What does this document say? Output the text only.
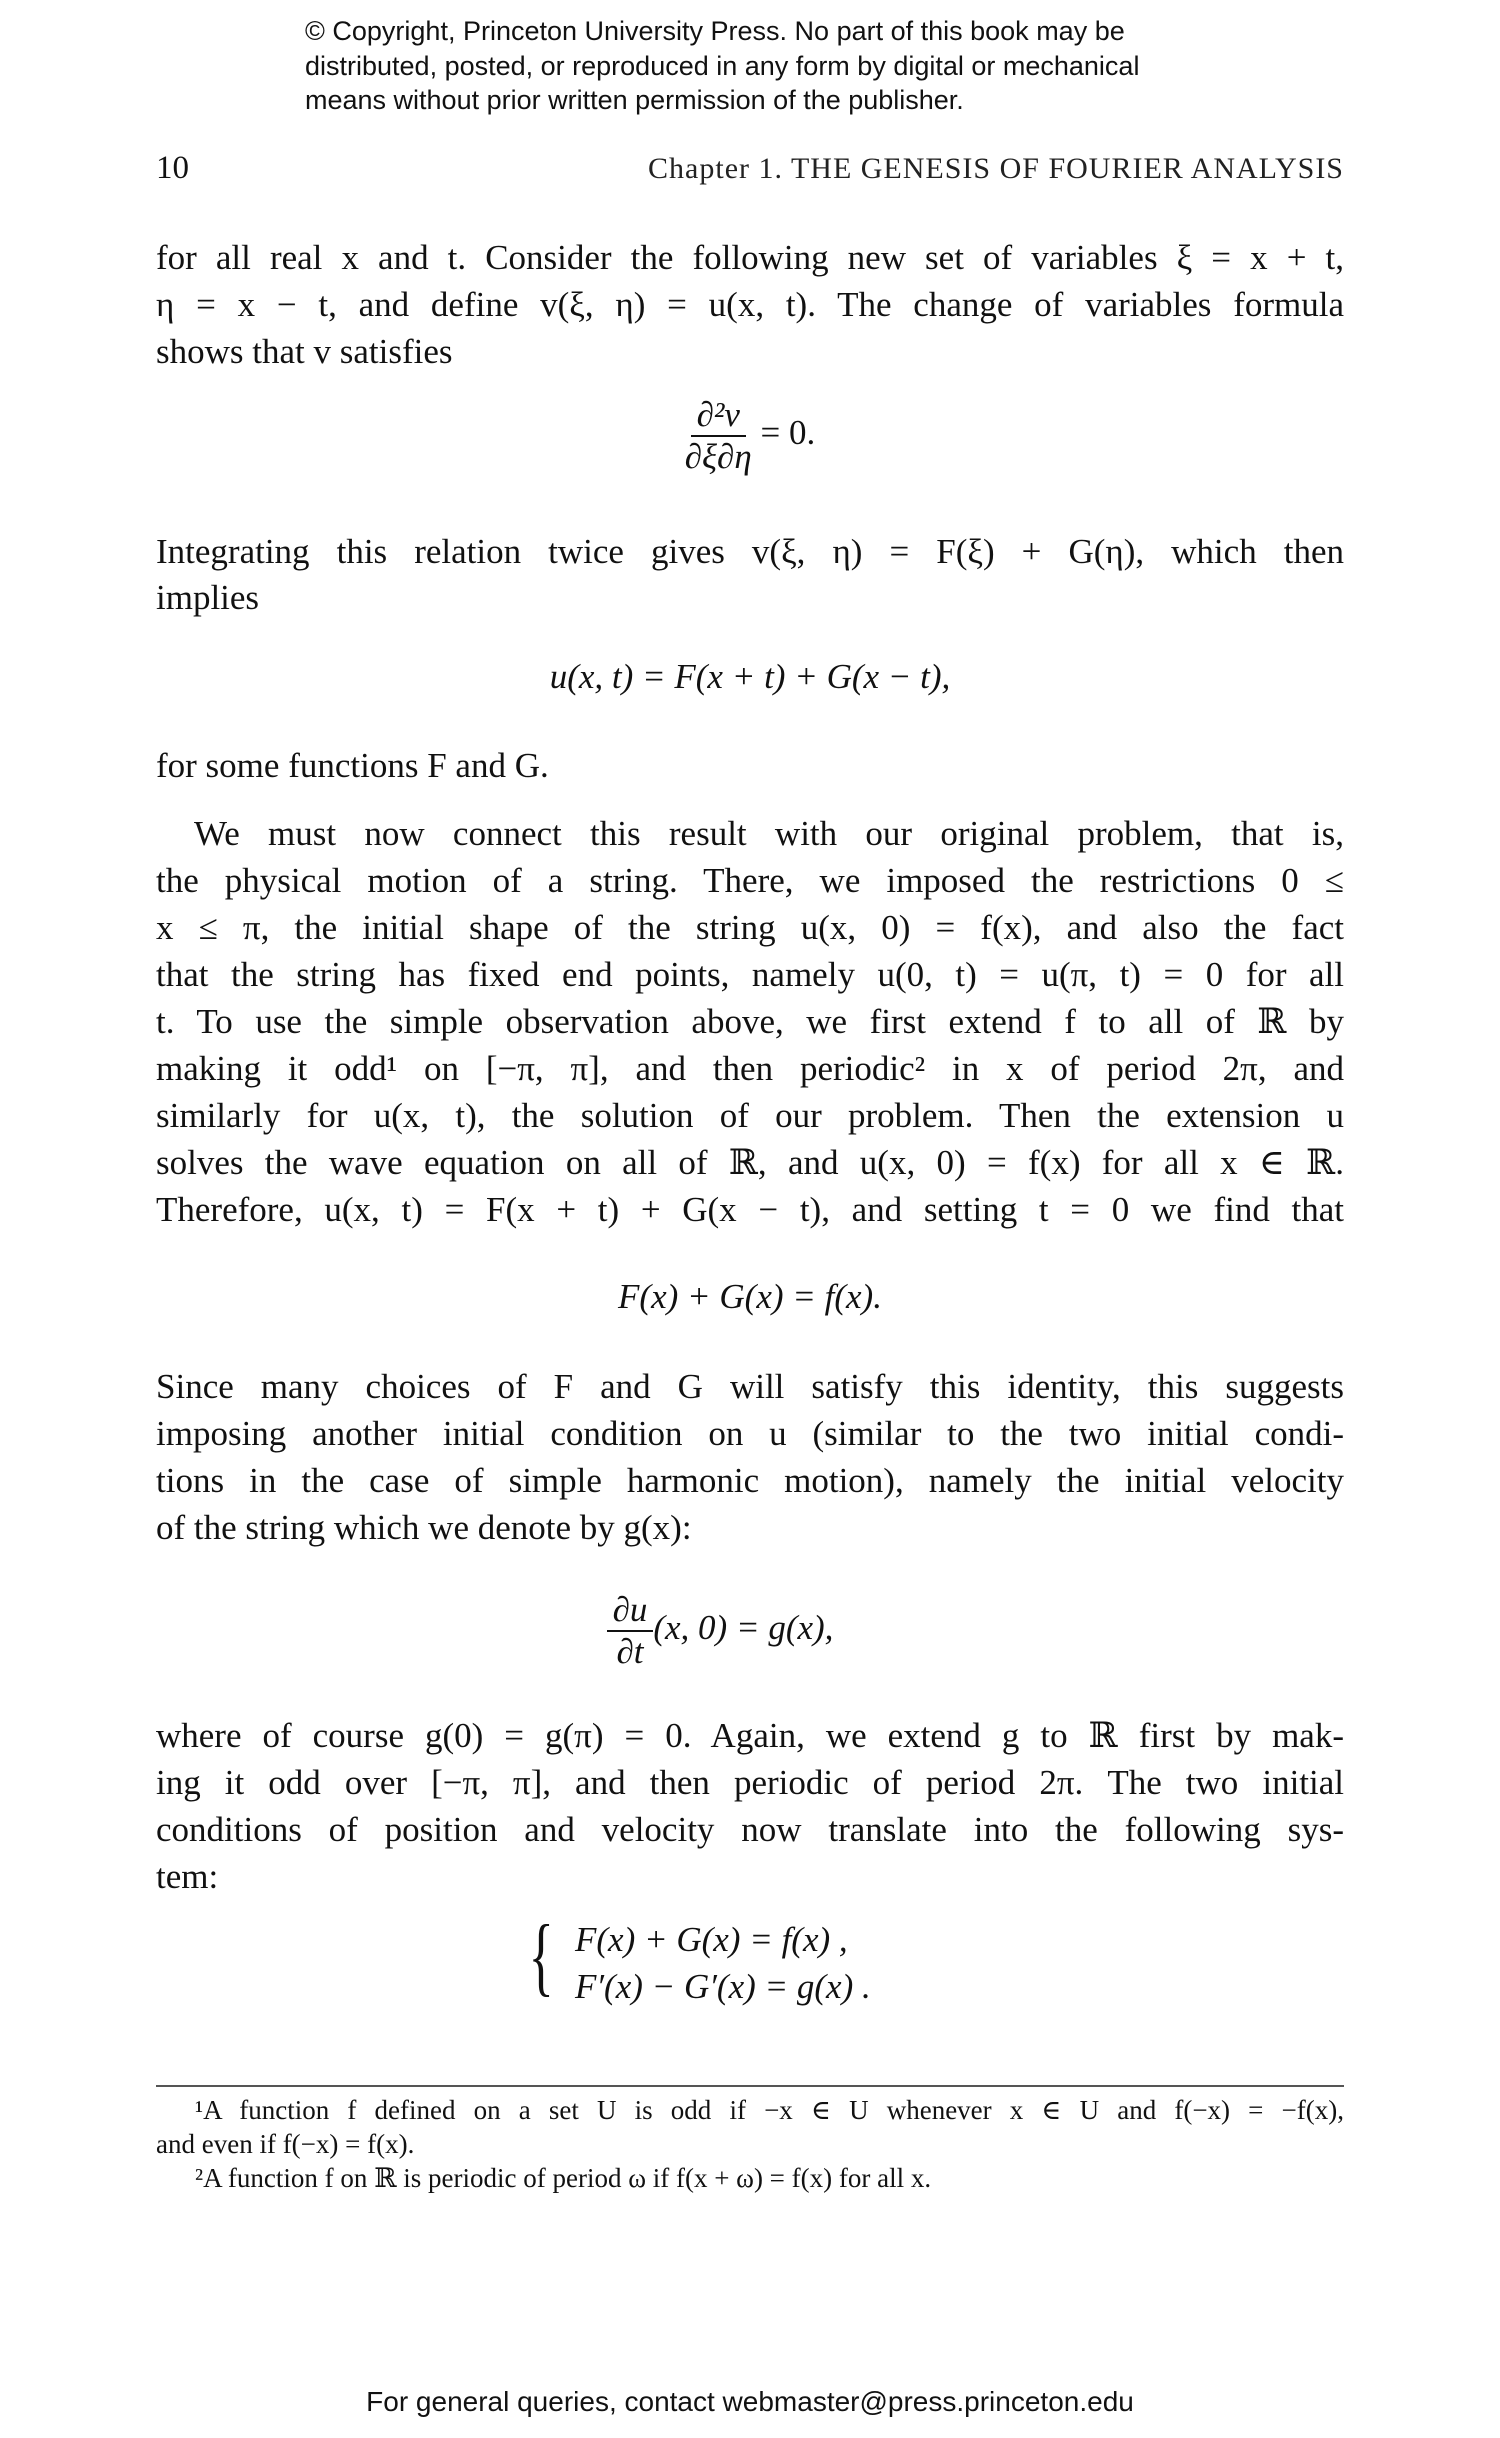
© Copyright, Princeton University Press. No part of this book may be
distributed, posted, or reproduced in any form by digital or mechanical
means without prior written permission of the publisher.
10	Chapter 1. THE GENESIS OF FOURIER ANALYSIS
for all real x and t. Consider the following new set of variables ξ = x + t,
η = x − t, and define v(ξ, η) = u(x, t). The change of variables formula
shows that v satisfies
$\frac{\text{∂²v}}{\partial\xi\partial\eta} = 0$.
Integrating this relation twice gives v(ξ, η) = F(ξ) + G(η), which then
implies
u(x, t) = F(x + t) + G(x − t),
for some functions F and G.
We must now connect this result with our original problem, that is,
the physical motion of a string. There, we imposed the restrictions 0 ≤
x ≤ π, the initial shape of the string u(x, 0) = f(x), and also the fact
that the string has fixed end points, namely u(0, t) = u(π, t) = 0 for all
t. To use the simple observation above, we first extend f to all of ℝ by
making it odd¹ on [−π, π], and then periodic² in x of period 2π, and
similarly for u(x, t), the solution of our problem. Then the extension u
solves the wave equation on all of ℝ, and u(x, 0) = f(x) for all x ∈ ℝ.
Therefore, u(x, t) = F(x + t) + G(x − t), and setting t = 0 we find that
F(x) + G(x) = f(x).
Since many choices of F and G will satisfy this identity, this suggests
imposing another initial condition on u (similar to the two initial condi-
tions in the case of simple harmonic motion), namely the initial velocity
of the string which we denote by g(x):
$\frac{\partial u}{\partial t} (x$, 0) = g(x),
where of course g(0) = g(π) = 0. Again, we extend g to ℝ first by mak-
ing it odd over [−π, π], and then periodic of period 2π. The two initial
conditions of position and velocity now translate into the following sys-
tem:
{ F(x) + G(x) = f(x) ,
F′(x) − G′(x) = g(x) .
¹A function f defined on a set U is odd if −x ∈ U whenever x ∈ U and f(−x) = −f(x),
and even if f(−x) = f(x).
²A function f on ℝ is periodic of period ω if f(x + ω) = f(x) for all x.
For general queries, contact webmaster@press.princeton.edu
